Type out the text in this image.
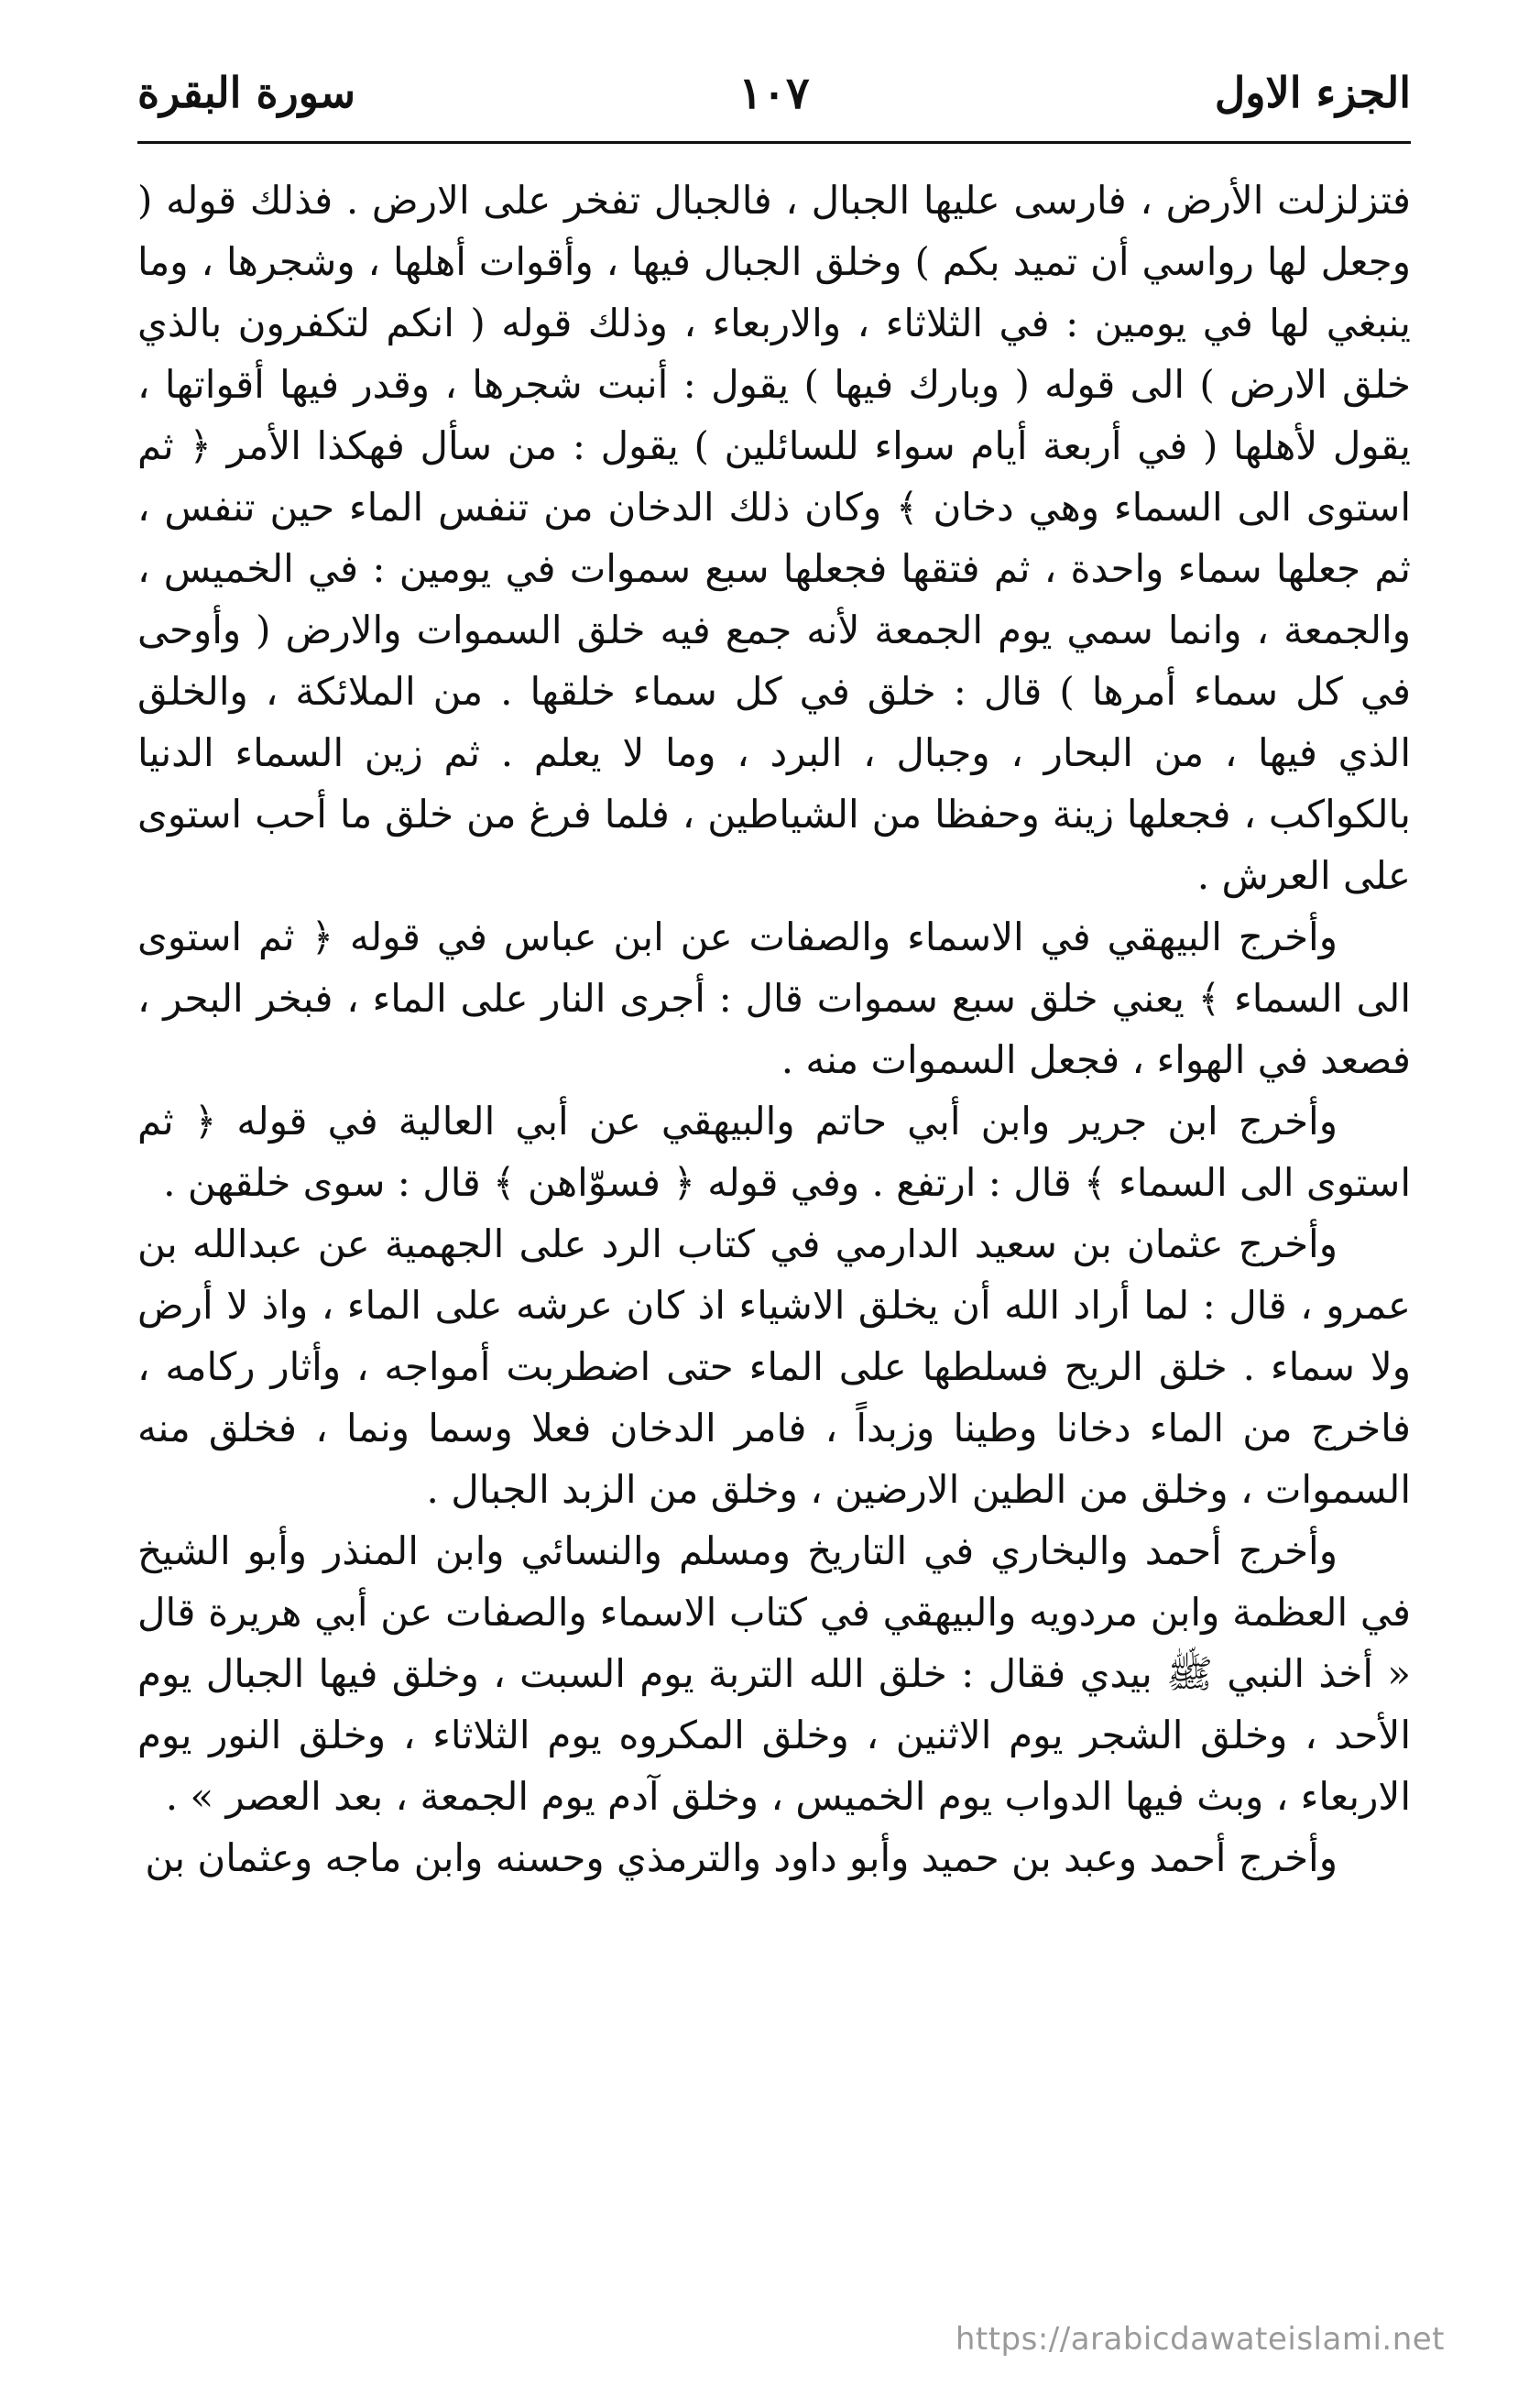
الجزء الاول
١٠٧
سورة البقرة

فتزلزلت الأرض ، فارسى عليها الجبال ، فالجبال تفخر على الارض . فذلك قوله ( وجعل لها رواسي أن تميد بكم ) وخلق الجبال فيها ، وأقوات أهلها ، وشجرها ، وما ينبغي لها في يومين : في الثلاثاء ، والاربعاء ، وذلك قوله ( انكم لتكفرون بالذي خلق الارض ) الى قوله ( وبارك فيها ) يقول : أنبت شجرها ، وقدر فيها أقواتها ، يقول لأهلها ( في أربعة أيام سواء للسائلين ) يقول : من سأل فهكذا الأمر ﴿ ثم استوى الى السماء وهي دخان ﴾ وكان ذلك الدخان من تنفس الماء حين تنفس ، ثم جعلها سماء واحدة ، ثم فتقها فجعلها سبع سموات في يومين : في الخميس ، والجمعة ، وانما سمي يوم الجمعة لأنه جمع فيه خلق السموات والارض ( وأوحى في كل سماء أمرها ) قال : خلق في كل سماء خلقها . من الملائكة ، والخلق الذي فيها ، من البحار ، وجبال ، البرد ، وما لا يعلم . ثم زين السماء الدنيا بالكواكب ، فجعلها زينة وحفظا من الشياطين ، فلما فرغ من خلق ما أحب استوى على العرش .

وأخرج البيهقي في الاسماء والصفات عن ابن عباس في قوله ﴿ ثم استوى الى السماء ﴾ يعني خلق سبع سموات قال : أجرى النار على الماء ، فبخر البحر ، فصعد في الهواء ، فجعل السموات منه .

وأخرج ابن جرير وابن أبي حاتم والبيهقي عن أبي العالية في قوله ﴿ ثم استوى الى السماء ﴾ قال : ارتفع . وفي قوله ﴿ فسوّاهن ﴾ قال : سوى خلقهن .

وأخرج عثمان بن سعيد الدارمي في كتاب الرد على الجهمية عن عبدالله بن عمرو ، قال : لما أراد الله أن يخلق الاشياء اذ كان عرشه على الماء ، واذ لا أرض ولا سماء . خلق الريح فسلطها على الماء حتى اضطربت أمواجه ، وأثار ركامه ، فاخرج من الماء دخانا وطينا وزبداً ، فامر الدخان فعلا وسما ونما ، فخلق منه السموات ، وخلق من الطين الارضين ، وخلق من الزبد الجبال .

وأخرج أحمد والبخاري في التاريخ ومسلم والنسائي وابن المنذر وأبو الشيخ في العظمة وابن مردويه والبيهقي في كتاب الاسماء والصفات عن أبي هريرة قال « أخذ النبي ﷺ بيدي فقال : خلق الله التربة يوم السبت ، وخلق فيها الجبال يوم الأحد ، وخلق الشجر يوم الاثنين ، وخلق المكروه يوم الثلاثاء ، وخلق النور يوم الاربعاء ، وبث فيها الدواب يوم الخميس ، وخلق آدم يوم الجمعة ، بعد العصر » .

وأخرج أحمد وعبد بن حميد وأبو داود والترمذي وحسنه وابن ماجه وعثمان بن

https://arabicdawateislami.net
